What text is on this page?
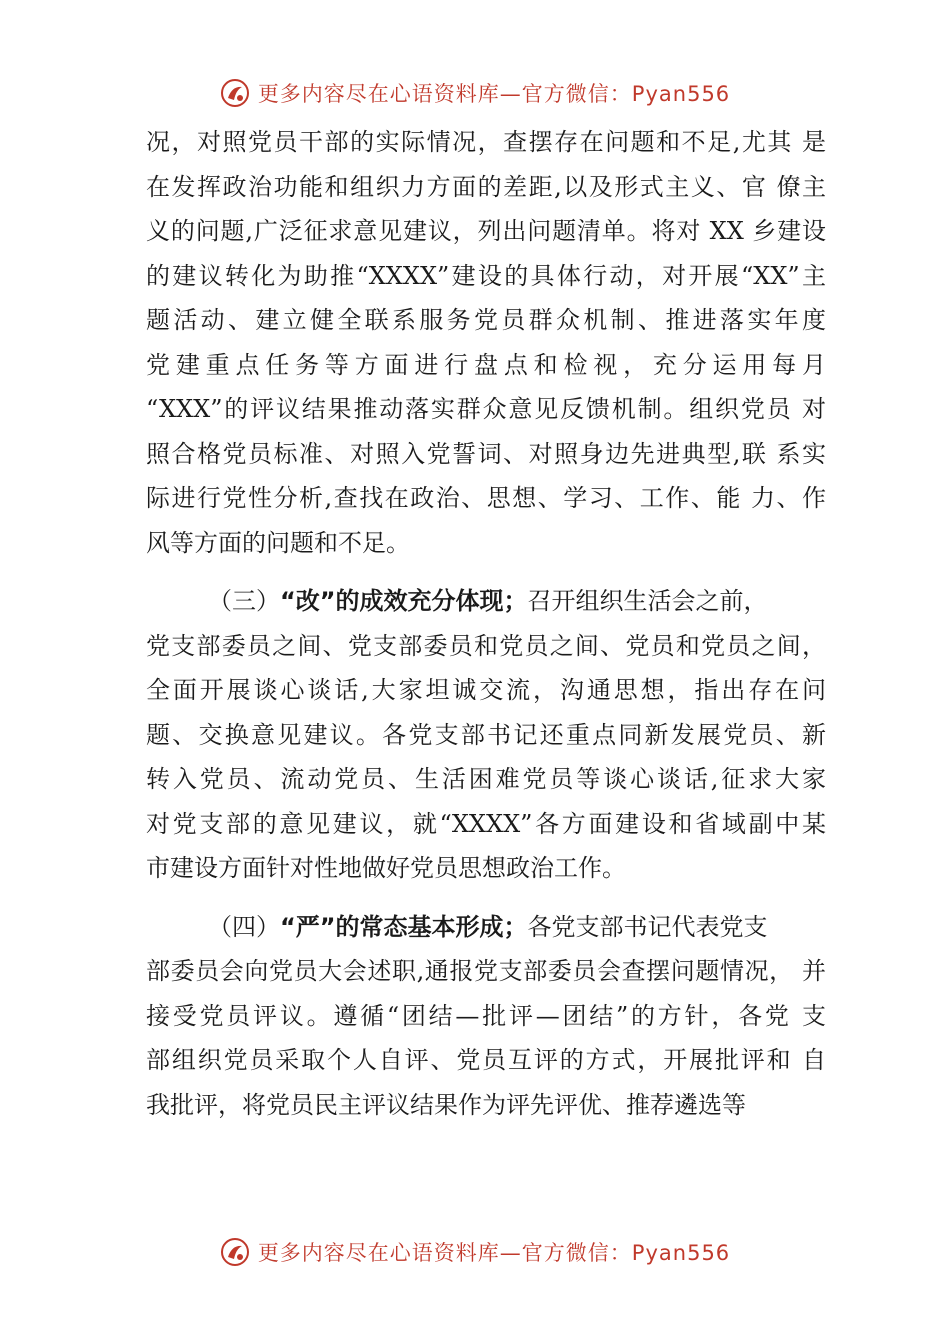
更多内容尽在心语资料库—官方微信：Pyan556
况，对照党员干部的实际情况，查摆存在问题和不足,尤其 是
在发挥政治功能和组织力方面的差距,以及形式主义、官 僚主
义的问题,广泛征求意见建议，列出问题清单。将对 XX 乡建设
的建议转化为助推“XXXX”建设的具体行动，对开展“XX”主
题活动、建立健全联系服务党员群众机制、推进落实年度
党建重点任务等方面进行盘点和检视，充分运用每月
“XXX”的评议结果推动落实群众意见反馈机制。组织党员 对
照合格党员标准、对照入党誓词、对照身边先进典型,联 系实
际进行党性分析,查找在政治、思想、学习、工作、能 力、作
风等方面的问题和不足。
（三）“改”的成效充分体现；召开组织生活会之前，
党支部委员之间、党支部委员和党员之间、党员和党员之间，
全面开展谈心谈话,大家坦诚交流，沟通思想，指出存在问
题、交换意见建议。各党支部书记还重点同新发展党员、新
转入党员、流动党员、生活困难党员等谈心谈话,征求大家
对党支部的意见建议，就“XXXX”各方面建设和省域副中某
市建设方面针对性地做好党员思想政治工作。
（四）“严”的常态基本形成；各党支部书记代表党支
部委员会向党员大会述职,通报党支部委员会查摆问题情况， 并
接受党员评议。遵循“团结—批评—团结”的方针，各党 支
部组织党员采取个人自评、党员互评的方式，开展批评和 自
我批评，将党员民主评议结果作为评先评优、推荐遴选等
更多内容尽在心语资料库—官方微信：Pyan556
